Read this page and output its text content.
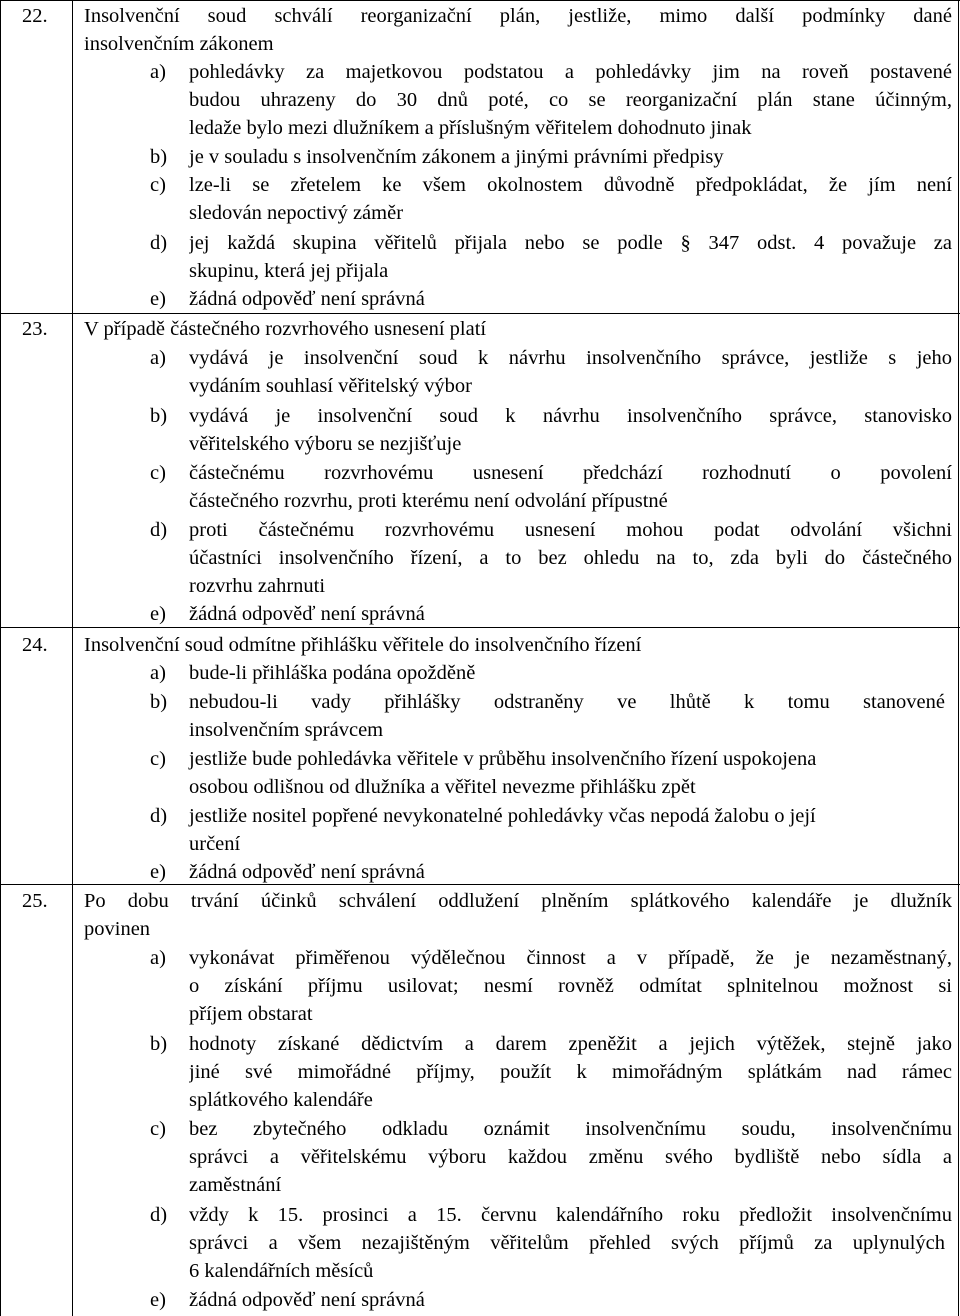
22. Insolvenční soud schválí reorganizační plán, jestliže, mimo další podmínky dané
insolvenčním zákonem
a) pohledávky za majetkovou podstatou a pohledávky jim na roveň postavené
budou uhrazeny do 30 dnů poté, co se reorganizační plán stane účinným,
ledaže bylo mezi dlužníkem a příslušným věřitelem dohodnuto jinak
b) je v souladu s insolvenčním zákonem a jinými právními předpisy
c) lze-li se zřetelem ke všem okolnostem důvodně předpokládat, že jím není
sledován nepoctivý záměr
d) jej každá skupina věřitelů přijala nebo se podle § 347 odst. 4 považuje za
skupinu, která jej přijala
e) žádná odpověď není správná
23. V případě částečného rozvrhového usnesení platí
a) vydává je insolvenční soud k návrhu insolvenčního správce, jestliže s jeho
vydáním souhlasí věřitelský výbor
b) vydává je insolvenční soud k návrhu insolvenčního správce, stanovisko
věřitelského výboru se nezjišťuje
c) částečnému rozvrhovému usnesení předchází rozhodnutí o povolení
částečného rozvrhu, proti kterému není odvolání přípustné
d) proti částečnému rozvrhovému usnesení mohou podat odvolání všichni
účastníci insolvenčního řízení, a to bez ohledu na to, zda byli do částečného
rozvrhu zahrnuti
e) žádná odpověď není správná
24. Insolvenční soud odmítne přihlášku věřitele do insolvenčního řízení
a) bude-li přihláška podána opožděně
b) nebudou-li vady přihlášky odstraněny ve lhůtě k tomu stanovené
insolvenčním správcem
c) jestliže bude pohledávka věřitele v průběhu insolvenčního řízení uspokojena
osobou odlišnou od dlužníka a věřitel nevezme přihlášku zpět
d) jestliže nositel popřené nevykonatelné pohledávky včas nepodá žalobu o její
určení
e) žádná odpověď není správná
25. Po dobu trvání účinků schválení oddlužení plněním splátkového kalendáře je dlužník
povinen
a) vykonávat přiměřenou výdělečnou činnost a v případě, že je nezaměstnaný,
o získání příjmu usilovat; nesmí rovněž odmítat splnitelnou možnost si
příjem obstarat
b) hodnoty získané dědictvím a darem zpeněžit a jejich výtěžek, stejně jako
jiné své mimořádné příjmy, použít k mimořádným splátkám nad rámec
splátkového kalendáře
c) bez zbytečného odkladu oznámit insolvenčnímu soudu, insolvenčnímu
správci a věřitelskému výboru každou změnu svého bydliště nebo sídla a
zaměstnání
d) vždy k 15. prosinci a 15. červnu kalendářního roku předložit insolvenčnímu
správci a všem nezajištěným věřitelům přehled svých příjmů za uplynulých
6 kalendářních měsíců
e) žádná odpověď není správná
